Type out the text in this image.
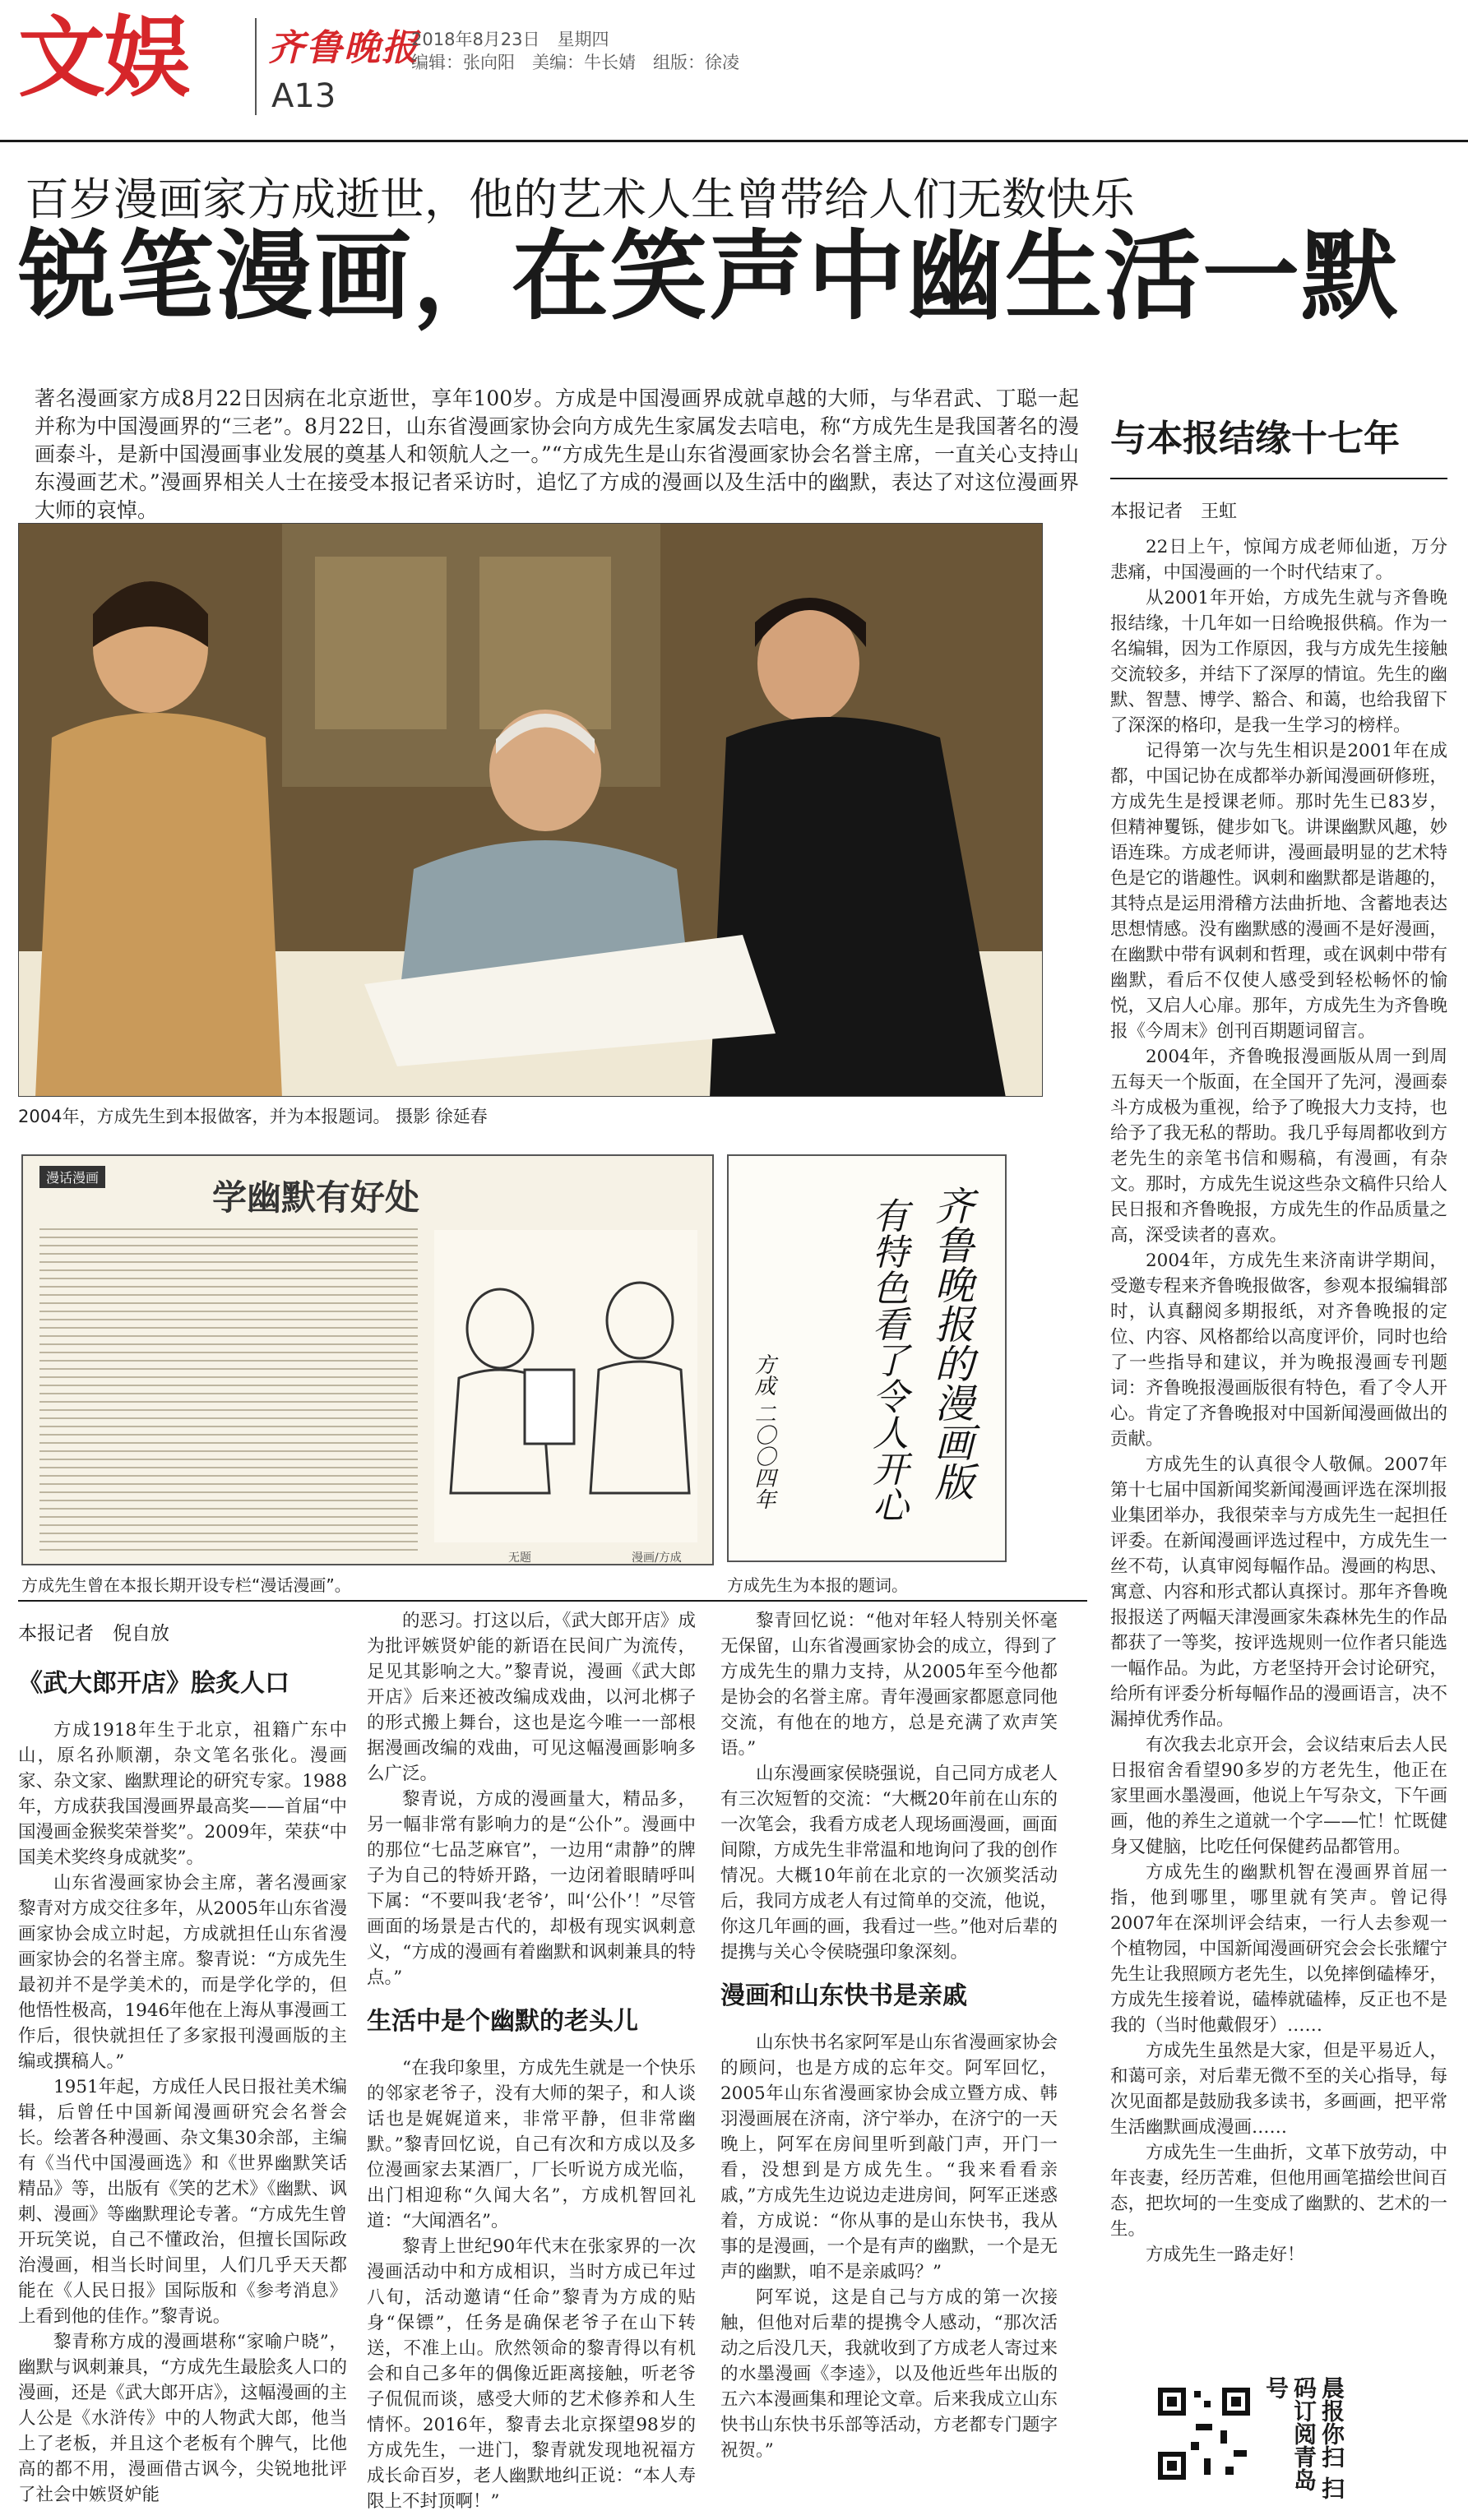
文娱 齐鲁晚报
A13
2018年8月23日　星期四
编辑：张向阳　美编：牛长婧　组版：徐凌
百岁漫画家方成逝世，他的艺术人生曾带给人们无数快乐
锐笔漫画，在笑声中幽生活一默
著名漫画家方成8月22日因病在北京逝世，享年100岁。方成是中国漫画界成就卓越的大师，与华君武、丁聪一起并称为中国漫画界的“三老”。8月22日，山东省漫画家协会向方成先生家属发去唁电，称“方成先生是我国著名的漫画泰斗，是新中国漫画事业发展的奠基人和领航人之一。”“方成先生是山东省漫画家协会名誉主席，一直关心支持山东漫画艺术。”漫画界相关人士在接受本报记者采访时，追忆了方成的漫画以及生活中的幽默，表达了对这位漫画界大师的哀悼。
2004年，方成先生到本报做客，并为本报题词。 摄影 徐延春
漫话漫画	学幽默有好处
无题	漫画/方成
方成先生曾在本报长期开设专栏“漫话漫画”。
齐鲁晚报的漫画版
有特色看了令人开心
方成 二〇〇四年
方成先生为本报的题词。
与本报结缘十七年
本报记者　王虹

22日上午，惊闻方成老师仙逝，万分悲痛，中国漫画的一个时代结束了。

从2001年开始，方成先生就与齐鲁晚报结缘，十几年如一日给晚报供稿。作为一名编辑，因为工作原因，我与方成先生接触交流较多，并结下了深厚的情谊。先生的幽默、智慧、博学、豁合、和蔼，也给我留下了深深的格印，是我一生学习的榜样。

记得第一次与先生相识是2001年在成都，中国记协在成都举办新闻漫画研修班，方成先生是授课老师。那时先生已83岁，但精神矍铄，健步如飞。讲课幽默风趣，妙语连珠。方成老师讲，漫画最明显的艺术特色是它的谐趣性。讽刺和幽默都是谐趣的，其特点是运用滑稽方法曲折地、含蓄地表达思想情感。没有幽默感的漫画不是好漫画，在幽默中带有讽刺和哲理，或在讽刺中带有幽默，看后不仅使人感受到轻松畅怀的愉悦，又启人心扉。那年，方成先生为齐鲁晚报《今周末》创刊百期题词留言。

2004年，齐鲁晚报漫画版从周一到周五每天一个版面，在全国开了先河，漫画泰斗方成极为重视，给予了晚报大力支持，也给予了我无私的帮助。我几乎每周都收到方老先生的亲笔书信和赐稿，有漫画，有杂文。那时，方成先生说这些杂文稿件只给人民日报和齐鲁晚报，方成先生的作品质量之高，深受读者的喜欢。

2004年，方成先生来济南讲学期间，受邀专程来齐鲁晚报做客，参观本报编辑部时，认真翻阅多期报纸，对齐鲁晚报的定位、内容、风格都给以高度评价，同时也给了一些指导和建议，并为晚报漫画专刊题词：齐鲁晚报漫画版很有特色，看了令人开心。肯定了齐鲁晚报对中国新闻漫画做出的贡献。

方成先生的认真很令人敬佩。2007年第十七届中国新闻奖新闻漫画评选在深圳报业集团举办，我很荣幸与方成先生一起担任评委。在新闻漫画评选过程中，方成先生一丝不苟，认真审阅每幅作品。漫画的构思、寓意、内容和形式都认真探讨。那年齐鲁晚报报送了两幅天津漫画家朱森林先生的作品都获了一等奖，按评选规则一位作者只能选一幅作品。为此，方老坚持开会讨论研究，给所有评委分析每幅作品的漫画语言，决不漏掉优秀作品。

有次我去北京开会，会议结束后去人民日报宿舍看望90多岁的方老先生，他正在家里画水墨漫画，他说上午写杂文，下午画画，他的养生之道就一个字——忙！忙既健身又健脑，比吃任何保健药品都管用。

方成先生的幽默机智在漫画界首屈一指，他到哪里，哪里就有笑声。曾记得2007年在深圳评会结束，一行人去参观一个植物园，中国新闻漫画研究会会长张耀宁先生让我照顾方老先生，以免摔倒磕棒牙，方成先生接着说，磕棒就磕棒，反正也不是我的（当时他戴假牙）……

方成先生虽然是大家，但是平易近人，和蔼可亲，对后辈无微不至的关心指导，每次见面都是鼓励我多读书，多画画，把平常生活幽默画成漫画……

方成先生一生曲折，文革下放劳动，中年丧妻，经历苦难，但他用画笔描绘世间百态，把坎坷的一生变成了幽默的、艺术的一生。

方成先生一路走好！

本报记者　倪自放
《武大郎开店》脍炙人口

方成1918年生于北京，祖籍广东中山，原名孙顺潮，杂文笔名张化。漫画家、杂文家、幽默理论的研究专家。1988年，方成获我国漫画界最高奖——首届“中国漫画金猴奖荣誉奖”。2009年，荣获“中国美术奖终身成就奖”。

山东省漫画家协会主席，著名漫画家黎青对方成交往多年，从2005年山东省漫画家协会成立时起，方成就担任山东省漫画家协会的名誉主席。黎青说：“方成先生最初并不是学美术的，而是学化学的，但他悟性极高，1946年他在上海从事漫画工作后，很快就担任了多家报刊漫画版的主编或撰稿人。”

1951年起，方成任人民日报社美术编辑，后曾任中国新闻漫画研究会名誉会长。绘著各种漫画、杂文集30余部，主编有《当代中国漫画选》和《世界幽默笑话精品》等，出版有《笑的艺术》《幽默、讽刺、漫画》等幽默理论专著。“方成先生曾开玩笑说，自己不懂政治，但擅长国际政治漫画，相当长时间里，人们几乎天天都能在《人民日报》国际版和《参考消息》上看到他的佳作。”黎青说。

黎青称方成的漫画堪称“家喻户晓”，幽默与讽刺兼具，“方成先生最脍炙人口的漫画，还是《武大郎开店》，这幅漫画的主人公是《水浒传》中的人物武大郎，他当上了老板，并且这个老板有个脾气，比他高的都不用，漫画借古讽今，尖锐地批评了社会中嫉贤妒能

的恶习。打这以后，《武大郎开店》成为批评嫉贤妒能的新语在民间广为流传，足见其影响之大。”黎青说，漫画《武大郎开店》后来还被改编成戏曲，以河北梆子的形式搬上舞台，这也是迄今唯一一部根据漫画改编的戏曲，可见这幅漫画影响多么广泛。

黎青说，方成的漫画量大，精品多，另一幅非常有影响力的是“公仆”。漫画中的那位“七品芝麻官”，一边用“肃静”的牌子为自己的特娇开路，一边闭着眼睛呼叫下属：“不要叫我‘老爷’，叫‘公仆’！”尽管画面的场景是古代的，却极有现实讽刺意义，“方成的漫画有着幽默和讽刺兼具的特点。”

生活中是个幽默的老头儿

“在我印象里，方成先生就是一个快乐的邻家老爷子，没有大师的架子，和人谈话也是娓娓道来，非常平静，但非常幽默。”黎青回忆说，自己有次和方成以及多位漫画家去某酒厂，厂长听说方成光临，出门相迎称“久闻大名”，方成机智回礼道：“大闻酒名”。

黎青上世纪90年代末在张家界的一次漫画活动中和方成相识，当时方成已年过八旬，活动邀请“任命”黎青为方成的贴身“保镖”，任务是确保老爷子在山下转送，不准上山。欣然领命的黎青得以有机会和自己多年的偶像近距离接触，听老爷子侃侃而谈，感受大师的艺术修养和人生情怀。2016年，黎青去北京探望98岁的方成先生，一进门，黎青就发现地祝福方成长命百岁，老人幽默地纠正说：“本人寿限上不封顶啊！”

黎青回忆说：“他对年轻人特别关怀毫无保留，山东省漫画家协会的成立，得到了方成先生的鼎力支持，从2005年至今他都是协会的名誉主席。青年漫画家都愿意同他交流，有他在的地方，总是充满了欢声笑语。”

山东漫画家侯晓强说，自己同方成老人有三次短暂的交流：“大概20年前在山东的一次笔会，我看方成老人现场画漫画，画面间隙，方成先生非常温和地询问了我的创作情况。大概10年前在北京的一次颁奖活动后，我同方成老人有过简单的交流，他说，你这几年画的画，我看过一些。”他对后辈的提携与关心令侯晓强印象深刻。

漫画和山东快书是亲戚

山东快书名家阿军是山东省漫画家协会的顾问，也是方成的忘年交。阿军回忆，2005年山东省漫画家协会成立暨方成、韩羽漫画展在济南，济宁举办，在济宁的一天晚上，阿军在房间里听到敲门声，开门一看，没想到是方成先生。“我来看看亲戚，”方成先生边说边走进房间，阿军正迷惑着，方成说：“你从事的是山东快书，我从事的是漫画，一个是有声的幽默，一个是无声的幽默，咱不是亲戚吗？”

阿军说，这是自己与方成的第一次接触，但他对后辈的提携令人感动，“那次活动之后没几天，我就收到了方成老人寄过来的水墨漫画《李逵》，以及他近些年出版的五六本漫画集和理论文章。后来我成立山东快书山东快书乐部等活动，方老都专门题字祝贺。”	晨报你扫 扫码订阅青岛号
